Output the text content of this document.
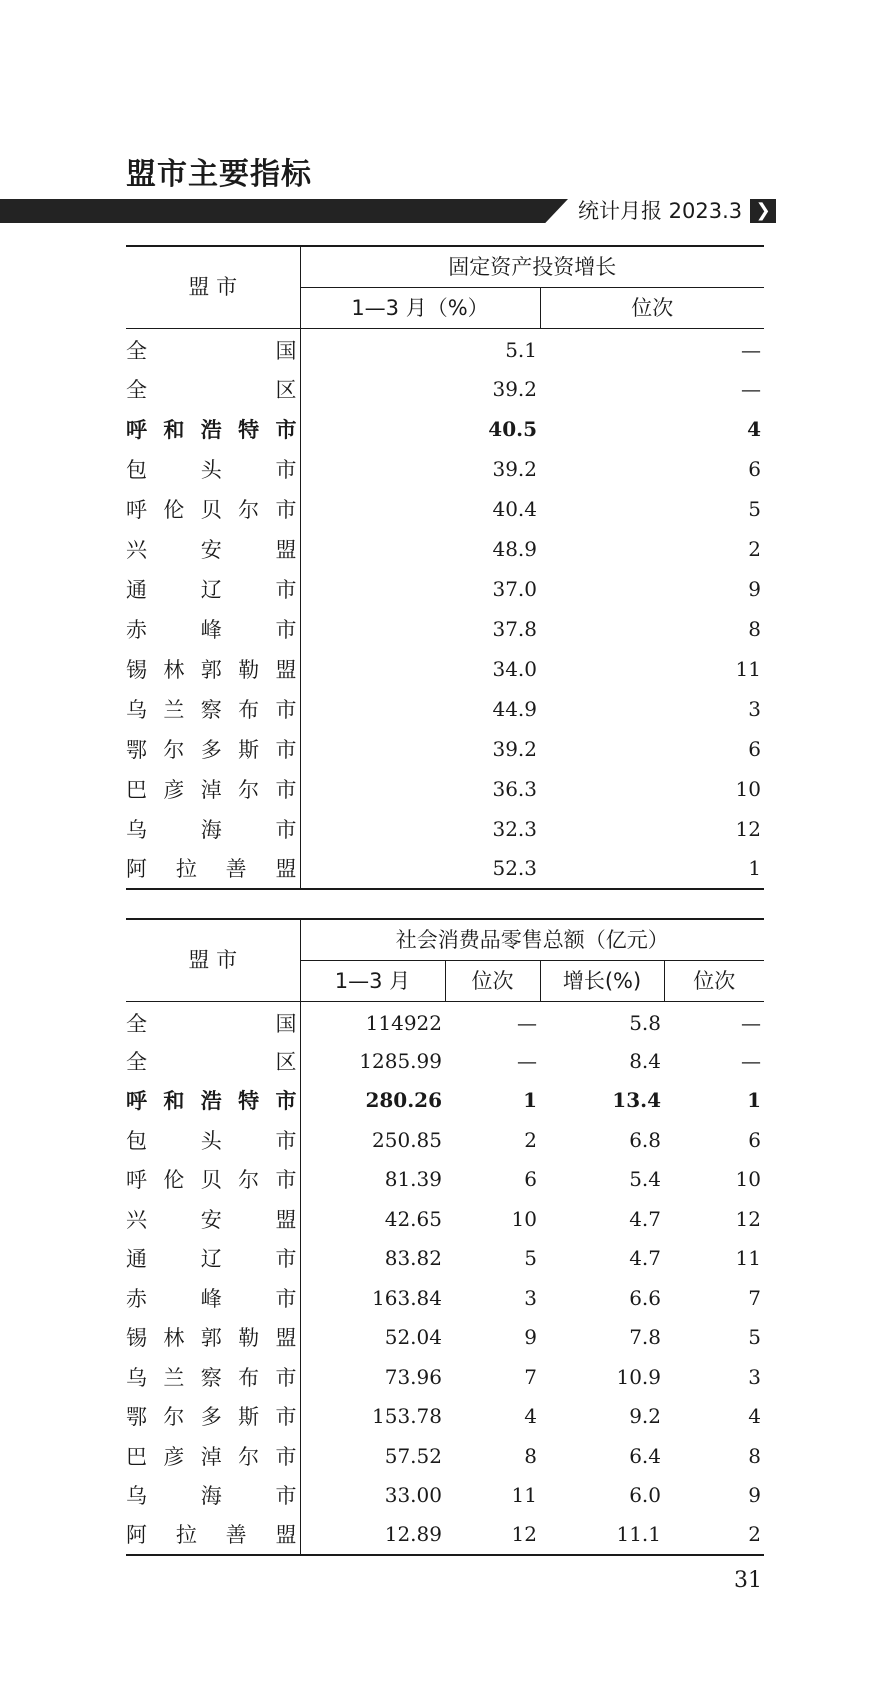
盟市主要指标
统计月报 2023.3 ❯
盟 市	固定资产投资增长	
	1—3 月（%）	位次
全国	5.1	—
全区	39.2	—
呼和浩特市	40.5	4
包头市	39.2	6
呼伦贝尔市	40.4	5
兴安盟	48.9	2
通辽市	37.0	9
赤峰市	37.8	8
锡林郭勒盟	34.0	11
乌兰察布市	44.9	3
鄂尔多斯市	39.2	6
巴彦淖尔市	36.3	10
乌海市	32.3	12
阿拉善盟	52.3	1
盟 市	社会消费品零售总额（亿元）			
	1—3 月	位次	增长(%)	位次
全国	114922	—	5.8	—
全区	1285.99	—	8.4	—
呼和浩特市	280.26	1	13.4	1
包头市	250.85	2	6.8	6
呼伦贝尔市	81.39	6	5.4	10
兴安盟	42.65	10	4.7	12
通辽市	83.82	5	4.7	11
赤峰市	163.84	3	6.6	7
锡林郭勒盟	52.04	9	7.8	5
乌兰察布市	73.96	7	10.9	3
鄂尔多斯市	153.78	4	9.2	4
巴彦淖尔市	57.52	8	6.4	8
乌海市	33.00	11	6.0	9
阿拉善盟	12.89	12	11.1	2
31
